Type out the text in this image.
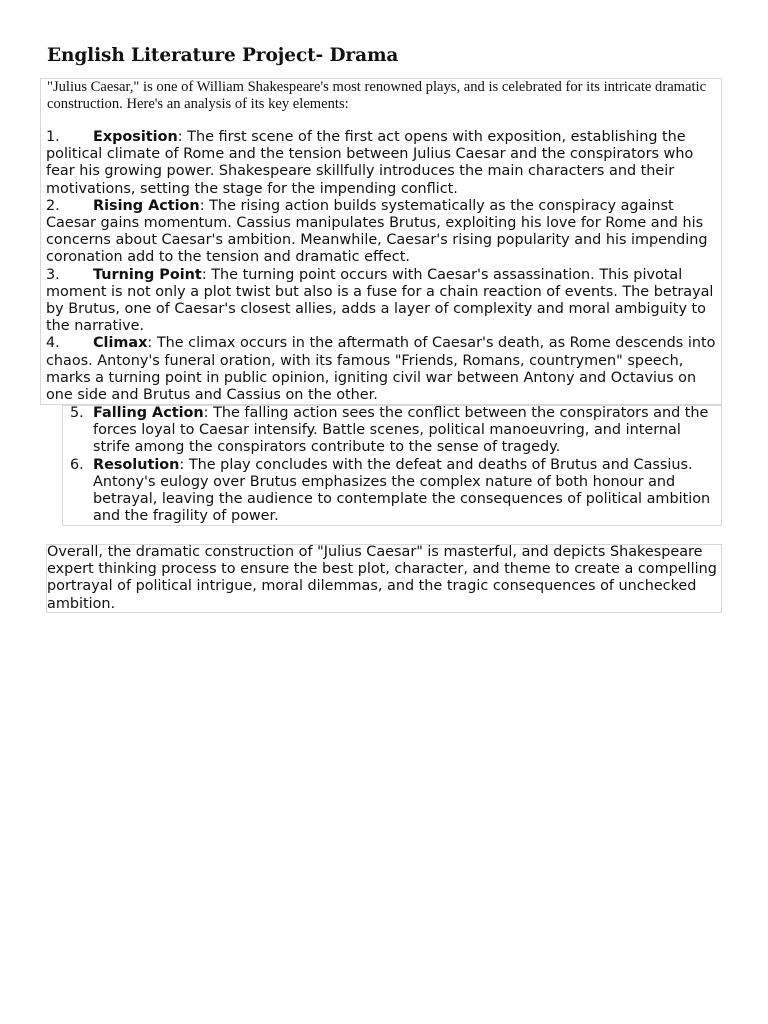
English Literature Project- Drama

"Julius Caesar," is one of William Shakespeare's most renowned plays, and is celebrated for its intricate dramatic construction. Here's an analysis of its key elements:

1. Exposition: The first scene of the first act opens with exposition, establishing the political climate of Rome and the tension between Julius Caesar and the conspirators who fear his growing power. Shakespeare skillfully introduces the main characters and their motivations, setting the stage for the impending conflict.
2. Rising Action: The rising action builds systematically as the conspiracy against Caesar gains momentum. Cassius manipulates Brutus, exploiting his love for Rome and his concerns about Caesar's ambition. Meanwhile, Caesar's rising popularity and his impending coronation add to the tension and dramatic effect.
3. Turning Point: The turning point occurs with Caesar's assassination. This pivotal moment is not only a plot twist but also is a fuse for a chain reaction of events. The betrayal by Brutus, one of Caesar's closest allies, adds a layer of complexity and moral ambiguity to the narrative.
4. Climax: The climax occurs in the aftermath of Caesar's death, as Rome descends into chaos. Antony's funeral oration, with its famous "Friends, Romans, countrymen" speech, marks a turning point in public opinion, igniting civil war between Antony and Octavius on one side and Brutus and Cassius on the other.
5. Falling Action: The falling action sees the conflict between the conspirators and the forces loyal to Caesar intensify. Battle scenes, political manoeuvring, and internal strife among the conspirators contribute to the sense of tragedy.
6. Resolution: The play concludes with the defeat and deaths of Brutus and Cassius. Antony's eulogy over Brutus emphasizes the complex nature of both honour and betrayal, leaving the audience to contemplate the consequences of political ambition and the fragility of power.

Overall, the dramatic construction of "Julius Caesar" is masterful, and depicts Shakespeare expert thinking process to ensure the best plot, character, and theme to create a compelling portrayal of political intrigue, moral dilemmas, and the tragic consequences of unchecked ambition.
